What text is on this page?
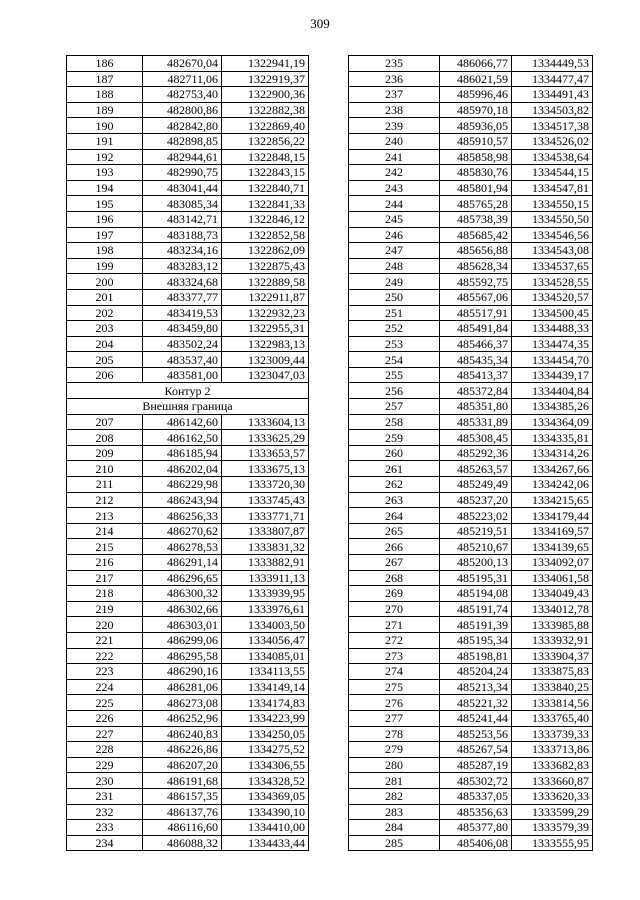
309
186	482670,04	1322941,19
187	482711,06	1322919,37
188	482753,40	1322900,36
189	482800,86	1322882,38
190	482842,80	1322869,40
191	482898,85	1322856,22
192	482944,61	1322848,15
193	482990,75	1322843,15
194	483041,44	1322840,71
195	483085,34	1322841,33
196	483142,71	1322846,12
197	483188,73	1322852,58
198	483234,16	1322862,09
199	483283,12	1322875,43
200	483324,68	1322889,58
201	483377,77	1322911,87
202	483419,53	1322932,23
203	483459,80	1322955,31
204	483502,24	1322983,13
205	483537,40	1323009,44
206	483581,00	1323047,03
Контур 2		
Внешняя граница		
207	486142,60	1333604,13
208	486162,50	1333625,29
209	486185,94	1333653,57
210	486202,04	1333675,13
211	486229,98	1333720,30
212	486243,94	1333745,43
213	486256,33	1333771,71
214	486270,62	1333807,87
215	486278,53	1333831,32
216	486291,14	1333882,91
217	486296,65	1333911,13
218	486300,32	1333939,95
219	486302,66	1333976,61
220	486303,01	1334003,50
221	486299,06	1334056,47
222	486295,58	1334085,01
223	486290,16	1334113,55
224	486281,06	1334149,14
225	486273,08	1334174,83
226	486252,96	1334223,99
227	486240,83	1334250,05
228	486226,86	1334275,52
229	486207,20	1334306,55
230	486191,68	1334328,52
231	486157,35	1334369,05
232	486137,76	1334390,10
233	486116,60	1334410,00
234	486088,32	1334433,44
235	486066,77	1334449,53
236	486021,59	1334477,47
237	485996,46	1334491,43
238	485970,18	1334503,82
239	485936,05	1334517,38
240	485910,57	1334526,02
241	485858,98	1334538,64
242	485830,76	1334544,15
243	485801,94	1334547,81
244	485765,28	1334550,15
245	485738,39	1334550,50
246	485685,42	1334546,56
247	485656,88	1334543,08
248	485628,34	1334537,65
249	485592,75	1334528,55
250	485567,06	1334520,57
251	485517,91	1334500,45
252	485491,84	1334488,33
253	485466,37	1334474,35
254	485435,34	1334454,70
255	485413,37	1334439,17
256	485372,84	1334404,84
257	485351,80	1334385,26
258	485331,89	1334364,09
259	485308,45	1334335,81
260	485292,36	1334314,26
261	485263,57	1334267,66
262	485249,49	1334242,06
263	485237,20	1334215,65
264	485223,02	1334179,44
265	485219,51	1334169,57
266	485210,67	1334139,65
267	485200,13	1334092,07
268	485195,31	1334061,58
269	485194,08	1334049,43
270	485191,74	1334012,78
271	485191,39	1333985,88
272	485195,34	1333932,91
273	485198,81	1333904,37
274	485204,24	1333875,83
275	485213,34	1333840,25
276	485221,32	1333814,56
277	485241,44	1333765,40
278	485253,56	1333739,33
279	485267,54	1333713,86
280	485287,19	1333682,83
281	485302,72	1333660,87
282	485337,05	1333620,33
283	485356,63	1333599,29
284	485377,80	1333579,39
285	485406,08	1333555,95
